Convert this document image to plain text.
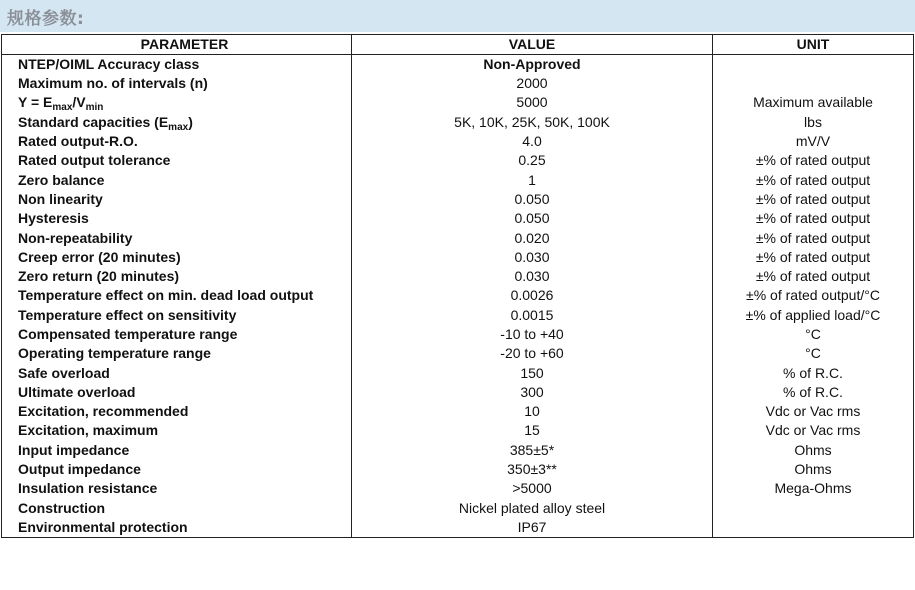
规格参数:
PARAMETER	VALUE	UNIT
NTEP/OIML Accuracy class	Non-Approved	
Maximum no. of intervals (n)	2000	
$Y = E_{max}/V_{min}$	5000	Maximum available
Standard capacities $(E_{max})$	5K, 10K, 25K, 50K, 100K	lbs
Rated output-R.O.	4.0	mV/V
Rated output tolerance	0.25	±% of rated output
Zero balance	1	±% of rated output
Non linearity	0.050	±% of rated output
Hysteresis	0.050	±% of rated output
Non-repeatability	0.020	±% of rated output
Creep error (20 minutes)	0.030	±% of rated output
Zero return (20 minutes)	0.030	±% of rated output
Temperature effect on min. dead load output	0.0026	±% of rated output/°C
Temperature effect on sensitivity	0.0015	±% of applied load/°C
Compensated temperature range	-10 to +40	°C
Operating temperature range	-20 to +60	°C
Safe overload	150	% of R.C.
Ultimate overload	300	% of R.C.
Excitation, recommended	10	Vdc or Vac rms
Excitation, maximum	15	Vdc or Vac rms
Input impedance	385±5*	Ohms
Output impedance	350±3**	Ohms
Insulation resistance	>5000	Mega-Ohms
Construction	Nickel plated alloy steel	
Environmental protection	IP67	
